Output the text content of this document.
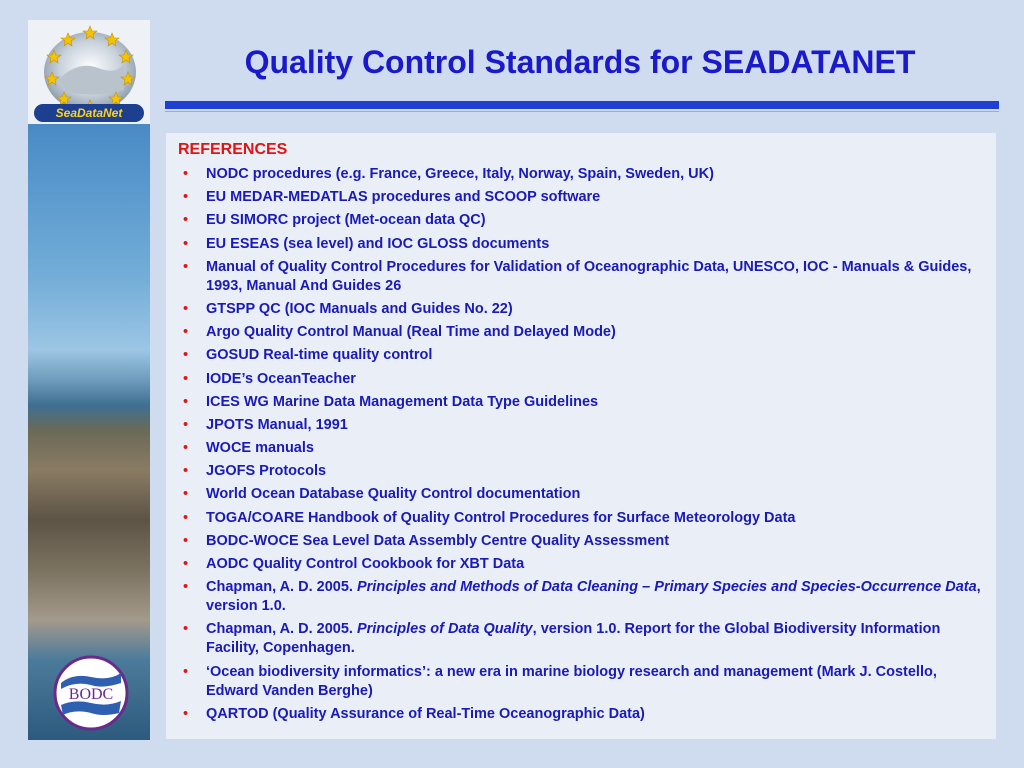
SeaDataNet
BODC
Quality Control Standards for SEADATANET
REFERENCES
• NODC procedures (e.g. France, Greece, Italy, Norway, Spain, Sweden, UK)
• EU MEDAR-MEDATLAS procedures and SCOOP software
• EU SIMORC project (Met-ocean data QC)
• EU ESEAS (sea level) and IOC GLOSS documents
• Manual of Quality Control Procedures for Validation of Oceanographic Data, UNESCO, IOC - Manuals & Guides, 1993, Manual And Guides 26
• GTSPP QC (IOC Manuals and Guides No. 22)
• Argo Quality Control Manual (Real Time and Delayed Mode)
• GOSUD Real-time quality control
• IODE’s OceanTeacher
• ICES WG Marine Data Management Data Type Guidelines
• JPOTS Manual, 1991
• WOCE manuals
• JGOFS Protocols
• World Ocean Database Quality Control documentation
• TOGA/COARE Handbook of Quality Control Procedures for Surface Meteorology Data
• BODC-WOCE Sea Level Data Assembly Centre Quality Assessment
• AODC Quality Control Cookbook for XBT Data
• Chapman, A. D. 2005. Principles and Methods of Data Cleaning – Primary Species and Species-Occurrence Data, version 1.0.
• Chapman, A. D. 2005. Principles of Data Quality, version 1.0. Report for the Global Biodiversity Information Facility, Copenhagen.
• ‘Ocean biodiversity informatics’: a new era in marine biology research and management (Mark J. Costello, Edward Vanden Berghe)
• QARTOD (Quality Assurance of Real-Time Oceanographic Data)
